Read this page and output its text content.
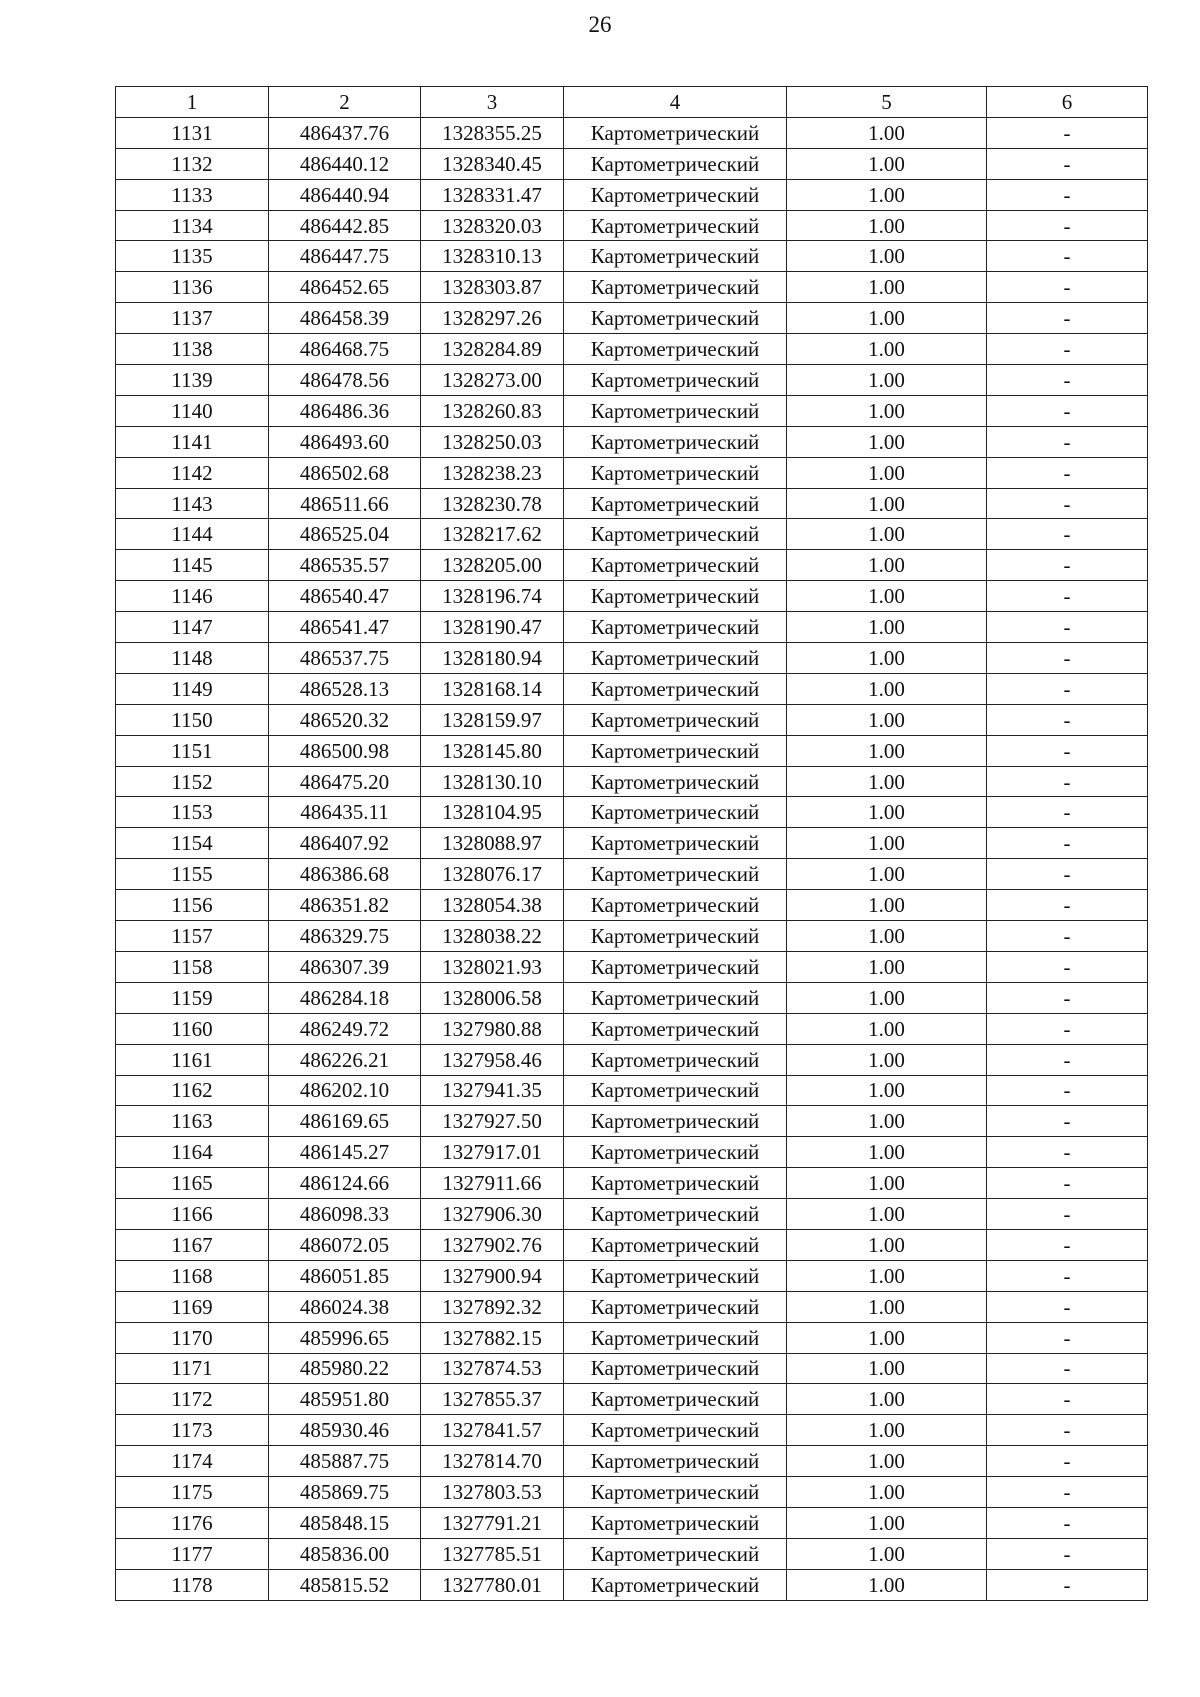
26
1	2	3	4	5	6
1131	486437.76	1328355.25	Картометрический	1.00	-
1132	486440.12	1328340.45	Картометрический	1.00	-
1133	486440.94	1328331.47	Картометрический	1.00	-
1134	486442.85	1328320.03	Картометрический	1.00	-
1135	486447.75	1328310.13	Картометрический	1.00	-
1136	486452.65	1328303.87	Картометрический	1.00	-
1137	486458.39	1328297.26	Картометрический	1.00	-
1138	486468.75	1328284.89	Картометрический	1.00	-
1139	486478.56	1328273.00	Картометрический	1.00	-
1140	486486.36	1328260.83	Картометрический	1.00	-
1141	486493.60	1328250.03	Картометрический	1.00	-
1142	486502.68	1328238.23	Картометрический	1.00	-
1143	486511.66	1328230.78	Картометрический	1.00	-
1144	486525.04	1328217.62	Картометрический	1.00	-
1145	486535.57	1328205.00	Картометрический	1.00	-
1146	486540.47	1328196.74	Картометрический	1.00	-
1147	486541.47	1328190.47	Картометрический	1.00	-
1148	486537.75	1328180.94	Картометрический	1.00	-
1149	486528.13	1328168.14	Картометрический	1.00	-
1150	486520.32	1328159.97	Картометрический	1.00	-
1151	486500.98	1328145.80	Картометрический	1.00	-
1152	486475.20	1328130.10	Картометрический	1.00	-
1153	486435.11	1328104.95	Картометрический	1.00	-
1154	486407.92	1328088.97	Картометрический	1.00	-
1155	486386.68	1328076.17	Картометрический	1.00	-
1156	486351.82	1328054.38	Картометрический	1.00	-
1157	486329.75	1328038.22	Картометрический	1.00	-
1158	486307.39	1328021.93	Картометрический	1.00	-
1159	486284.18	1328006.58	Картометрический	1.00	-
1160	486249.72	1327980.88	Картометрический	1.00	-
1161	486226.21	1327958.46	Картометрический	1.00	-
1162	486202.10	1327941.35	Картометрический	1.00	-
1163	486169.65	1327927.50	Картометрический	1.00	-
1164	486145.27	1327917.01	Картометрический	1.00	-
1165	486124.66	1327911.66	Картометрический	1.00	-
1166	486098.33	1327906.30	Картометрический	1.00	-
1167	486072.05	1327902.76	Картометрический	1.00	-
1168	486051.85	1327900.94	Картометрический	1.00	-
1169	486024.38	1327892.32	Картометрический	1.00	-
1170	485996.65	1327882.15	Картометрический	1.00	-
1171	485980.22	1327874.53	Картометрический	1.00	-
1172	485951.80	1327855.37	Картометрический	1.00	-
1173	485930.46	1327841.57	Картометрический	1.00	-
1174	485887.75	1327814.70	Картометрический	1.00	-
1175	485869.75	1327803.53	Картометрический	1.00	-
1176	485848.15	1327791.21	Картометрический	1.00	-
1177	485836.00	1327785.51	Картометрический	1.00	-
1178	485815.52	1327780.01	Картометрический	1.00	-
